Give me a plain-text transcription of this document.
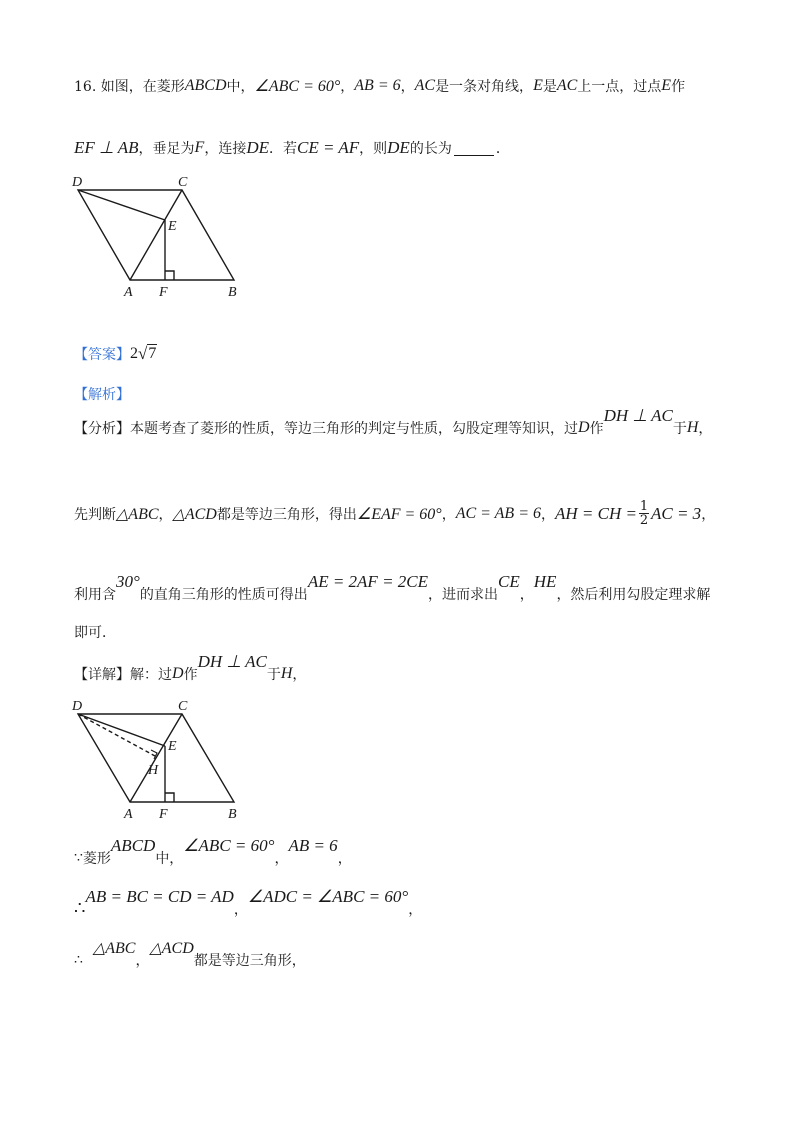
16. 如图，在菱形 ABCD 中， ∠ABC = 60° ， AB = 6 ， AC 是一条对角线， E 是 AC 上一点，过点 E 作
EF ⊥ AB ，垂足为 F ，连接 DE ．若 CE = AF ，则 DE 的长为	．
D	C
E
A F	B
【答案】 2 √ 7
【解析】
【分析】 本题考查了菱形的性质，等边三角形的判定与性质，勾股定理等知识，过 D 作
DH ⊥ AC
于 H ，
先判断 △ABC ， △ACD 都是等边三角形，得出 ∠EAF = 60° ， AC = AB = 6 ， AH = CH = $\frac{1}{2}$ AC = 3 ，
利用含
30°
的直角三角形的性质可得出
AE = 2AF = 2CE
，进而求出
CE
，
HE
，然后利用勾股定理求解
即可．
【详解】 解：过 D 作
DH ⊥ AC
于 H ，
D	C
E
H
A F	B
∵ 菱形
ABCD
中，
∠ABC = 60°
，
AB = 6
，
∴
AB = BC = CD = AD
，
∠ADC = ∠ABC = 60°
，
∴
△ABC
，
△ACD
都是等边三角形，
